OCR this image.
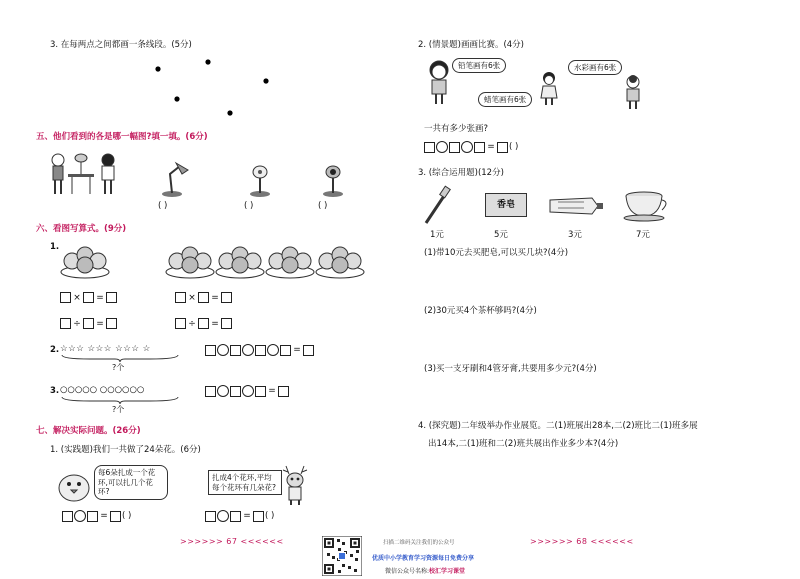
3. 在每两点之间都画一条线段。(5分)
五、他们看到的各是哪一幅图?填一填。(6分)
( )	( )	( )
六、看图写算式。(9分)
1.
× =	× =
÷ =	÷ =
2. ☆☆☆ ☆☆☆ ☆☆☆ ☆
?个
=
3. ○○○○○ ○○○○○○
?个
=
七、解决实际问题。(26分)
1. (实践题)我们一共做了24朵花。(6分)
每6朵扎成一个花环,可以扎几个花环?
扎成4个花环,平均每个花环有几朵花?
= ( )	= ( )
>>>>>> 67 <<<<<<
2. (情景题)画画比赛。(4分)
铅笔画有6张
蜡笔画有6张
水彩画有6张
一共有多少张画?
= ( )
3. (综合运用题)(12分)
香皂
1元	5元	3元	7元
(1)带10元去买肥皂,可以买几块?(4分)
(2)30元买4个茶杯够吗?(4分)
(3)买一支牙刷和4管牙膏,共要用多少元?(4分)
4. (探究题)二年级举办作业展览。二(1)班展出28本,二(2)班比二(1)班多展
出14本,二(1)班和二(2)班共展出作业多少本?(4分)
>>>>>> 68 <<<<<<
扫描二维码关注我们的公众号
优质中小学教育学习资源每日免费分享
微信公众号名称:校汇学习课堂
